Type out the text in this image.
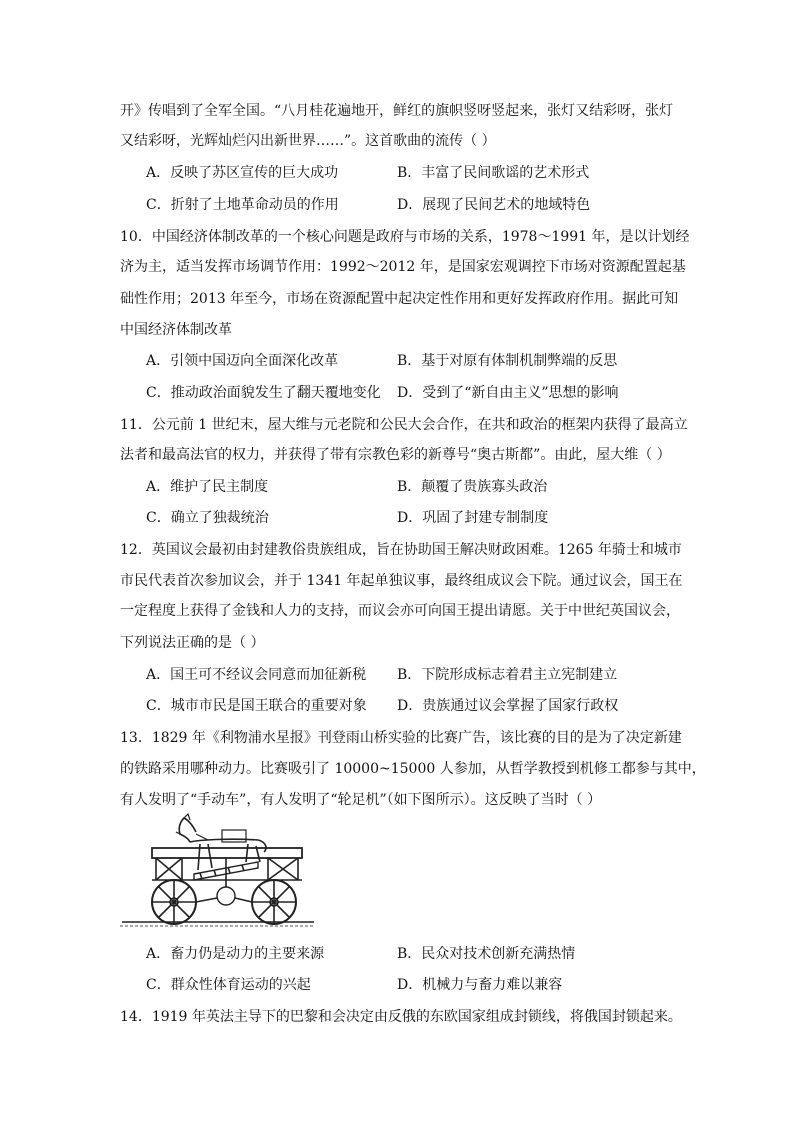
开》传唱到了全军全国。“八月桂花遍地开，鲜红的旗帜竖呀竖起来，张灯又结彩呀，张灯
又结彩呀，光辉灿烂闪出新世界……”。这首歌曲的流传（ ）
A．反映了苏区宣传的巨大成功	B．丰富了民间歌谣的艺术形式
C．折射了土地革命动员的作用	D．展现了民间艺术的地域特色
10．中国经济体制改革的一个核心问题是政府与市场的关系，1978～1991 年，是以计划经
济为主，适当发挥市场调节作用：1992～2012 年，是国家宏观调控下市场对资源配置起基
础性作用；2013 年至今，市场在资源配置中起决定性作用和更好发挥政府作用。据此可知
中国经济体制改革
A．引领中国迈向全面深化改革	B．基于对原有体制机制弊端的反思
C．推动政治面貌发生了翻天覆地变化 D．受到了“新自由主义”思想的影响
11．公元前 1 世纪末，屋大维与元老院和公民大会合作，在共和政治的框架内获得了最高立
法者和最高法官的权力，并获得了带有宗教色彩的新尊号“奥古斯都”。由此，屋大维（ ）
A．维护了民主制度	B．颠覆了贵族寡头政治
C．确立了独裁统治	D．巩固了封建专制制度
12．英国议会最初由封建教俗贵族组成，旨在协助国王解决财政困难。1265 年骑士和城市
市民代表首次参加议会，并于 1341 年起单独议事，最终组成议会下院。通过议会，国王在
一定程度上获得了金钱和人力的支持，而议会亦可向国王提出请愿。关于中世纪英国议会，
下列说法正确的是（ ）
A．国王可不经议会同意而加征新税 B．下院形成标志着君主立宪制建立
C．城市市民是国王联合的重要对象 D．贵族通过议会掌握了国家行政权
13．1829 年《利物浦水星报》刊登雨山桥实验的比赛广告，该比赛的目的是为了决定新建
的铁路采用哪种动力。比赛吸引了 10000~15000 人参加，从哲学教授到机修工都参与其中，
有人发明了“手动车”，有人发明了“轮足机”（如下图所示）。这反映了当时（ ）
A．畜力仍是动力的主要来源	B．民众对技术创新充满热情
C．群众性体育运动的兴起	D．机械力与畜力难以兼容
14．1919 年英法主导下的巴黎和会决定由反俄的东欧国家组成封锁线，将俄国封锁起来。
